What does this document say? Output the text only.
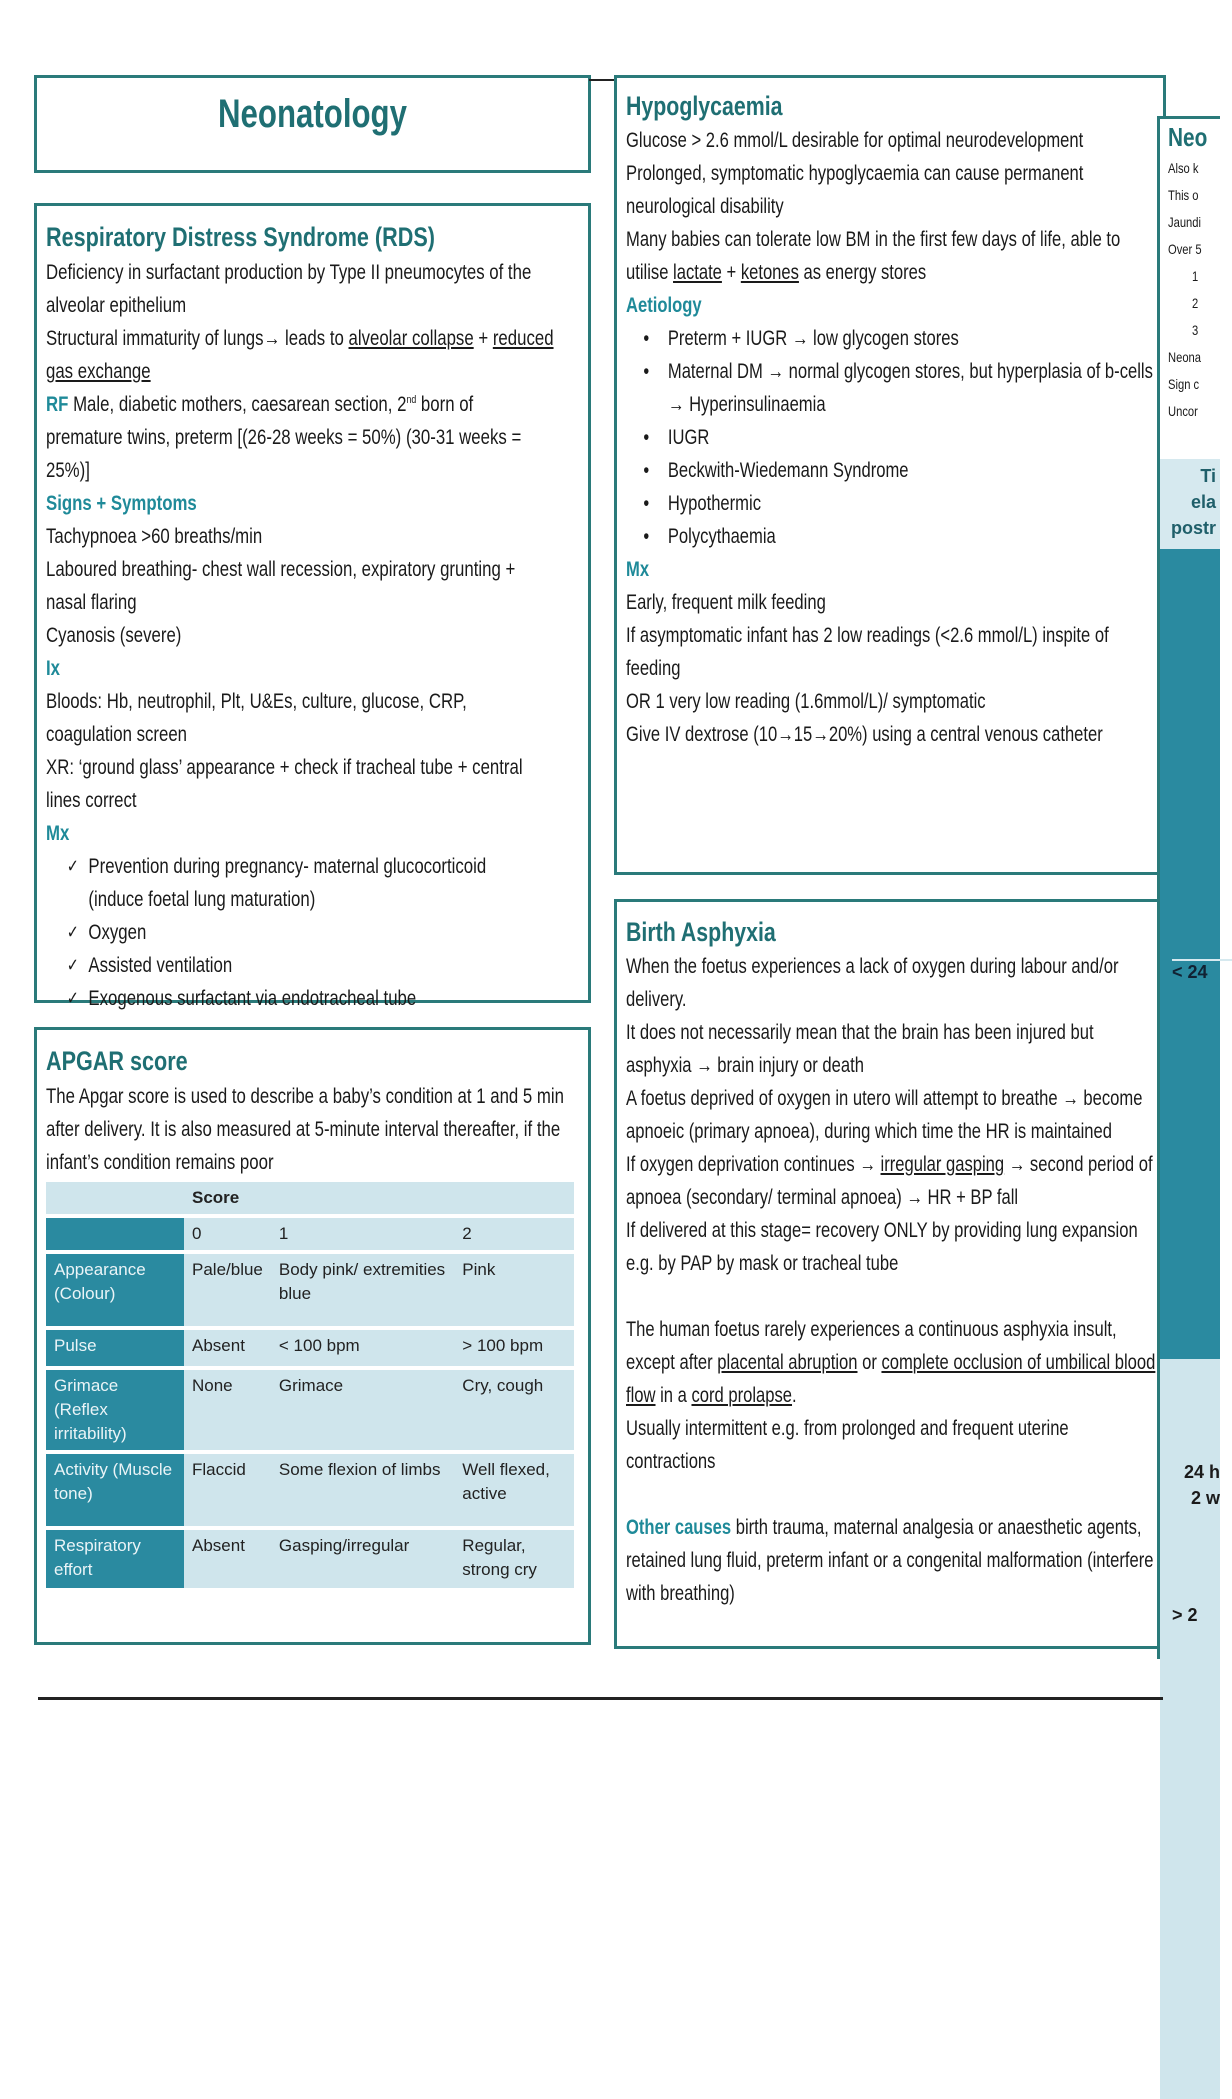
Neonatology
Respiratory Distress Syndrome (RDS)

Deficiency in surfactant production by Type II pneumocytes of the alveolar epithelium

Structural immaturity of lungs→ leads to alveolar collapse + reduced gas exchange

RF Male, diabetic mothers, caesarean section, 2nd born of premature twins, preterm [(26-28 weeks = 50%) (30-31 weeks = 25%)]

Signs + Symptoms

Tachypnoea >60 breaths/min

Laboured breathing- chest wall recession, expiratory grunting + nasal flaring

Cyanosis (severe)

Ix

Bloods: Hb, neutrophil, Plt, U&Es, culture, glucose, CRP, coagulation screen

XR: ‘ground glass’ appearance + check if tracheal tube + central lines correct

Mx
✓ Prevention during pregnancy- maternal glucocorticoid (induce foetal lung maturation)
✓ Oxygen
✓ Assisted ventilation
✓ Exogenous surfactant via endotracheal tube
APGAR score

The Apgar score is used to describe a baby’s condition at 1 and 5 min after delivery. It is also measured at 5-minute interval thereafter, if the infant’s condition remains poor

	Score		
	0	1	2
Appearance (Colour)	Pale/blue	Body pink/ extremities blue	Pink
Pulse	Absent	< 100 bpm	> 100 bpm
Grimace (Reflex irritability)	None	Grimace	Cry, cough
Activity (Muscle tone)	Flaccid	Some flexion of limbs	Well flexed, active
Respiratory effort	Absent	Gasping/irregular	Regular, strong cry
Hypoglycaemia

Glucose > 2.6 mmol/L desirable for optimal neurodevelopment

Prolonged, symptomatic hypoglycaemia can cause permanent neurological disability

Many babies can tolerate low BM in the first few days of life, able to utilise lactate + ketones as energy stores

Aetiology
• Preterm + IUGR → low glycogen stores
• Maternal DM → normal glycogen stores, but hyperplasia of b-cells → Hyperinsulinaemia
• IUGR
• Beckwith-Wiedemann Syndrome
• Hypothermic
• Polycythaemia
Mx

Early, frequent milk feeding

If asymptomatic infant has 2 low readings (<2.6 mmol/L) inspite of feeding

OR 1 very low reading (1.6mmol/L)/ symptomatic

Give IV dextrose (10→15→20%) using a central venous catheter

Birth Asphyxia

When the foetus experiences a lack of oxygen during labour and/or delivery.

It does not necessarily mean that the brain has been injured but asphyxia → brain injury or death

A foetus deprived of oxygen in utero will attempt to breathe → become apnoeic (primary apnoea), during which time the HR is maintained

If oxygen deprivation continues → irregular gasping → second period of apnoea (secondary/ terminal apnoea) → HR + BP fall

If delivered at this stage= recovery ONLY by providing lung expansion e.g. by PAP by mask or tracheal tube

The human foetus rarely experiences a continuous asphyxia insult, except after placental abruption or complete occlusion of umbilical blood flow in a cord prolapse.

Usually intermittent e.g. from prolonged and frequent uterine contractions

Other causes birth trauma, maternal analgesia or anaesthetic agents, retained lung fluid, preterm infant or a congenital malformation (interfere with breathing)

Neo
Also k
This o
Jaundi
Over 5
1
2
3
Neona
Sign c
Uncor
Ti
ela
postr
< 24
24 h
2 w
> 2
